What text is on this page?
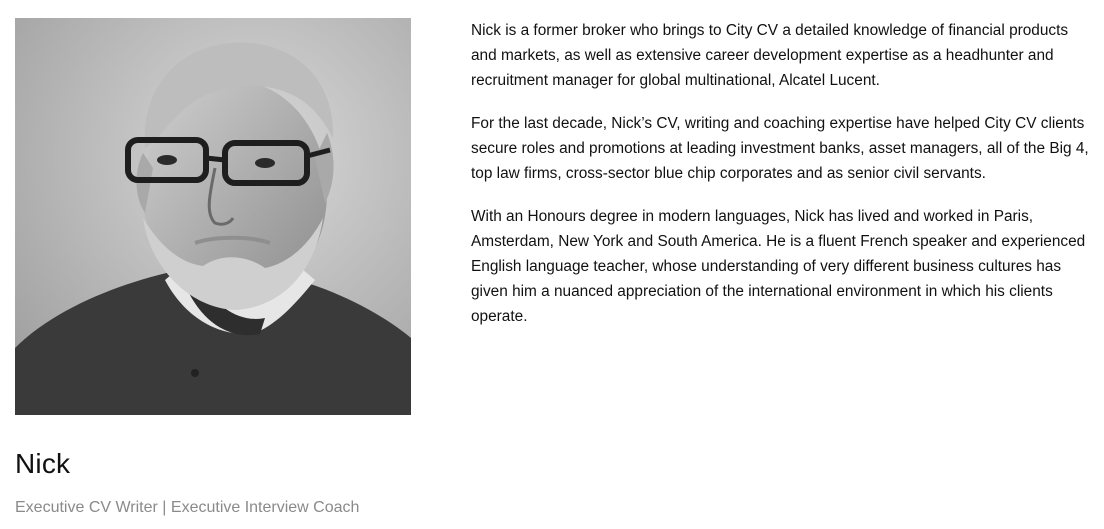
Nick

Executive CV Writer | Executive Interview Coach

Nick is a former broker who brings to City CV a detailed knowledge of financial products and markets, as well as extensive career development expertise as a headhunter and recruitment manager for global multinational, Alcatel Lucent.

For the last decade, Nick’s CV, writing and coaching expertise have helped City CV clients secure roles and promotions at leading investment banks, asset managers, all of the Big 4, top law firms, cross-sector blue chip corporates and as senior civil servants.

With an Honours degree in modern languages, Nick has lived and worked in Paris, Amsterdam, New York and South America. He is a fluent French speaker and experienced English language teacher, whose understanding of very different business cultures has given him a nuanced appreciation of the international environment in which his clients operate.
